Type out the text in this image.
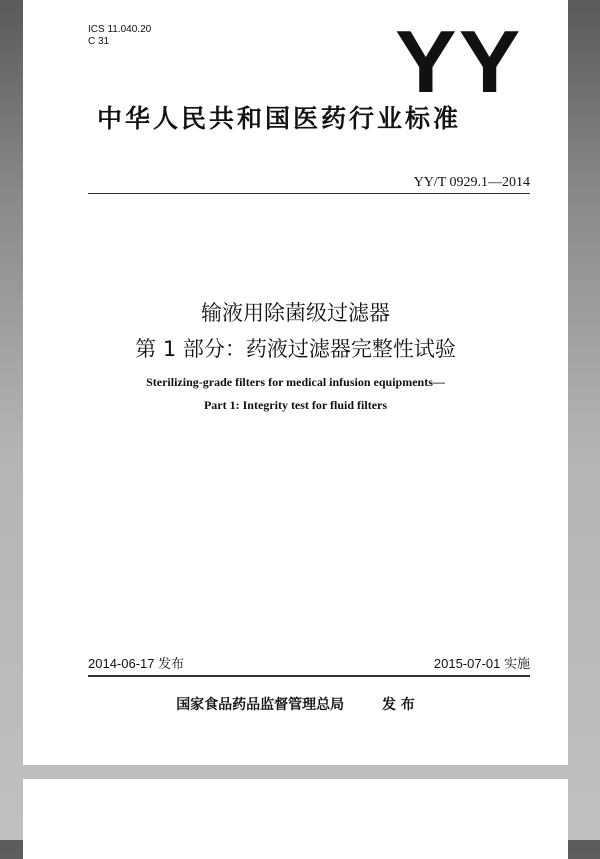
ICS 11.040.20
C 31	YY
中华人民共和国医药行业标准
YY/T 0929.1—2014
输液用除菌级过滤器
第 1 部分：药液过滤器完整性试验
Sterilizing-grade filters for medical infusion equipments—
Part 1: Integrity test for fluid filters
2014-06-17 发布	2015-07-01 实施
国家食品药品监督管理总局	发 布
